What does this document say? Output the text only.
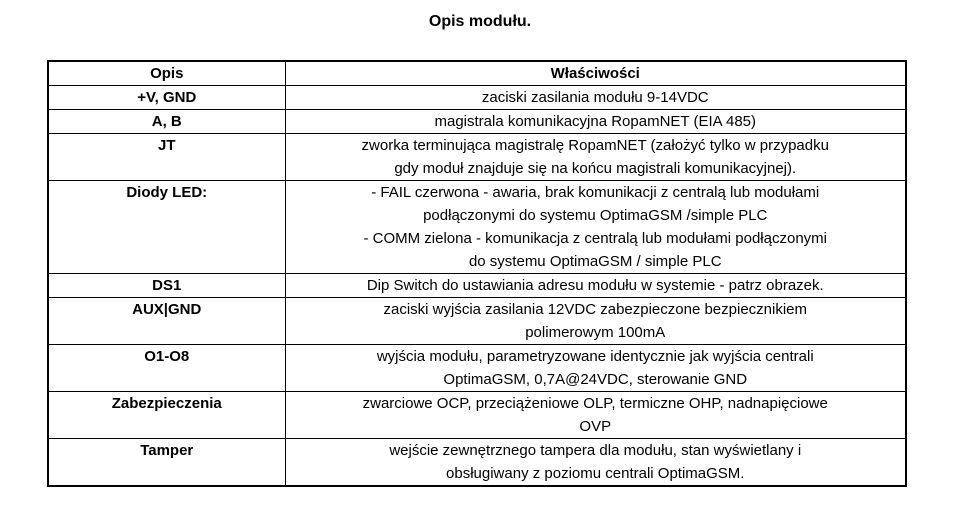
Opis modułu.
Opis	Właściwości
+V, GND	zaciski zasilania modułu 9-14VDC

A, B	magistrala komunikacyjna RopamNET (EIA 485)

JT	zworka terminująca magistralę RopamNET (założyć tylko w przypadku
gdy moduł znajduje się na końcu magistrali komunikacyjnej).

Diody LED:	- FAIL czerwona - awaria, brak komunikacji z centralą lub modułami
podłączonymi do systemu OptimaGSM /simple PLC
- COMM zielona - komunikacja z centralą lub modułami podłączonymi
do systemu OptimaGSM / simple PLC

DS1	Dip Switch do ustawiania adresu modułu w systemie - patrz obrazek.

AUX|GND	zaciski wyjścia zasilania 12VDC zabezpieczone bezpiecznikiem
polimerowym 100mA

O1-O8	wyjścia modułu, parametryzowane identycznie jak wyjścia centrali
OptimaGSM, 0,7A@24VDC, sterowanie GND

Zabezpieczenia	zwarciowe OCP, przeciążeniowe OLP, termiczne OHP, nadnapięciowe
OVP

Tamper	wejście zewnętrznego tampera dla modułu, stan wyświetlany i
obsługiwany z poziomu centrali OptimaGSM.
